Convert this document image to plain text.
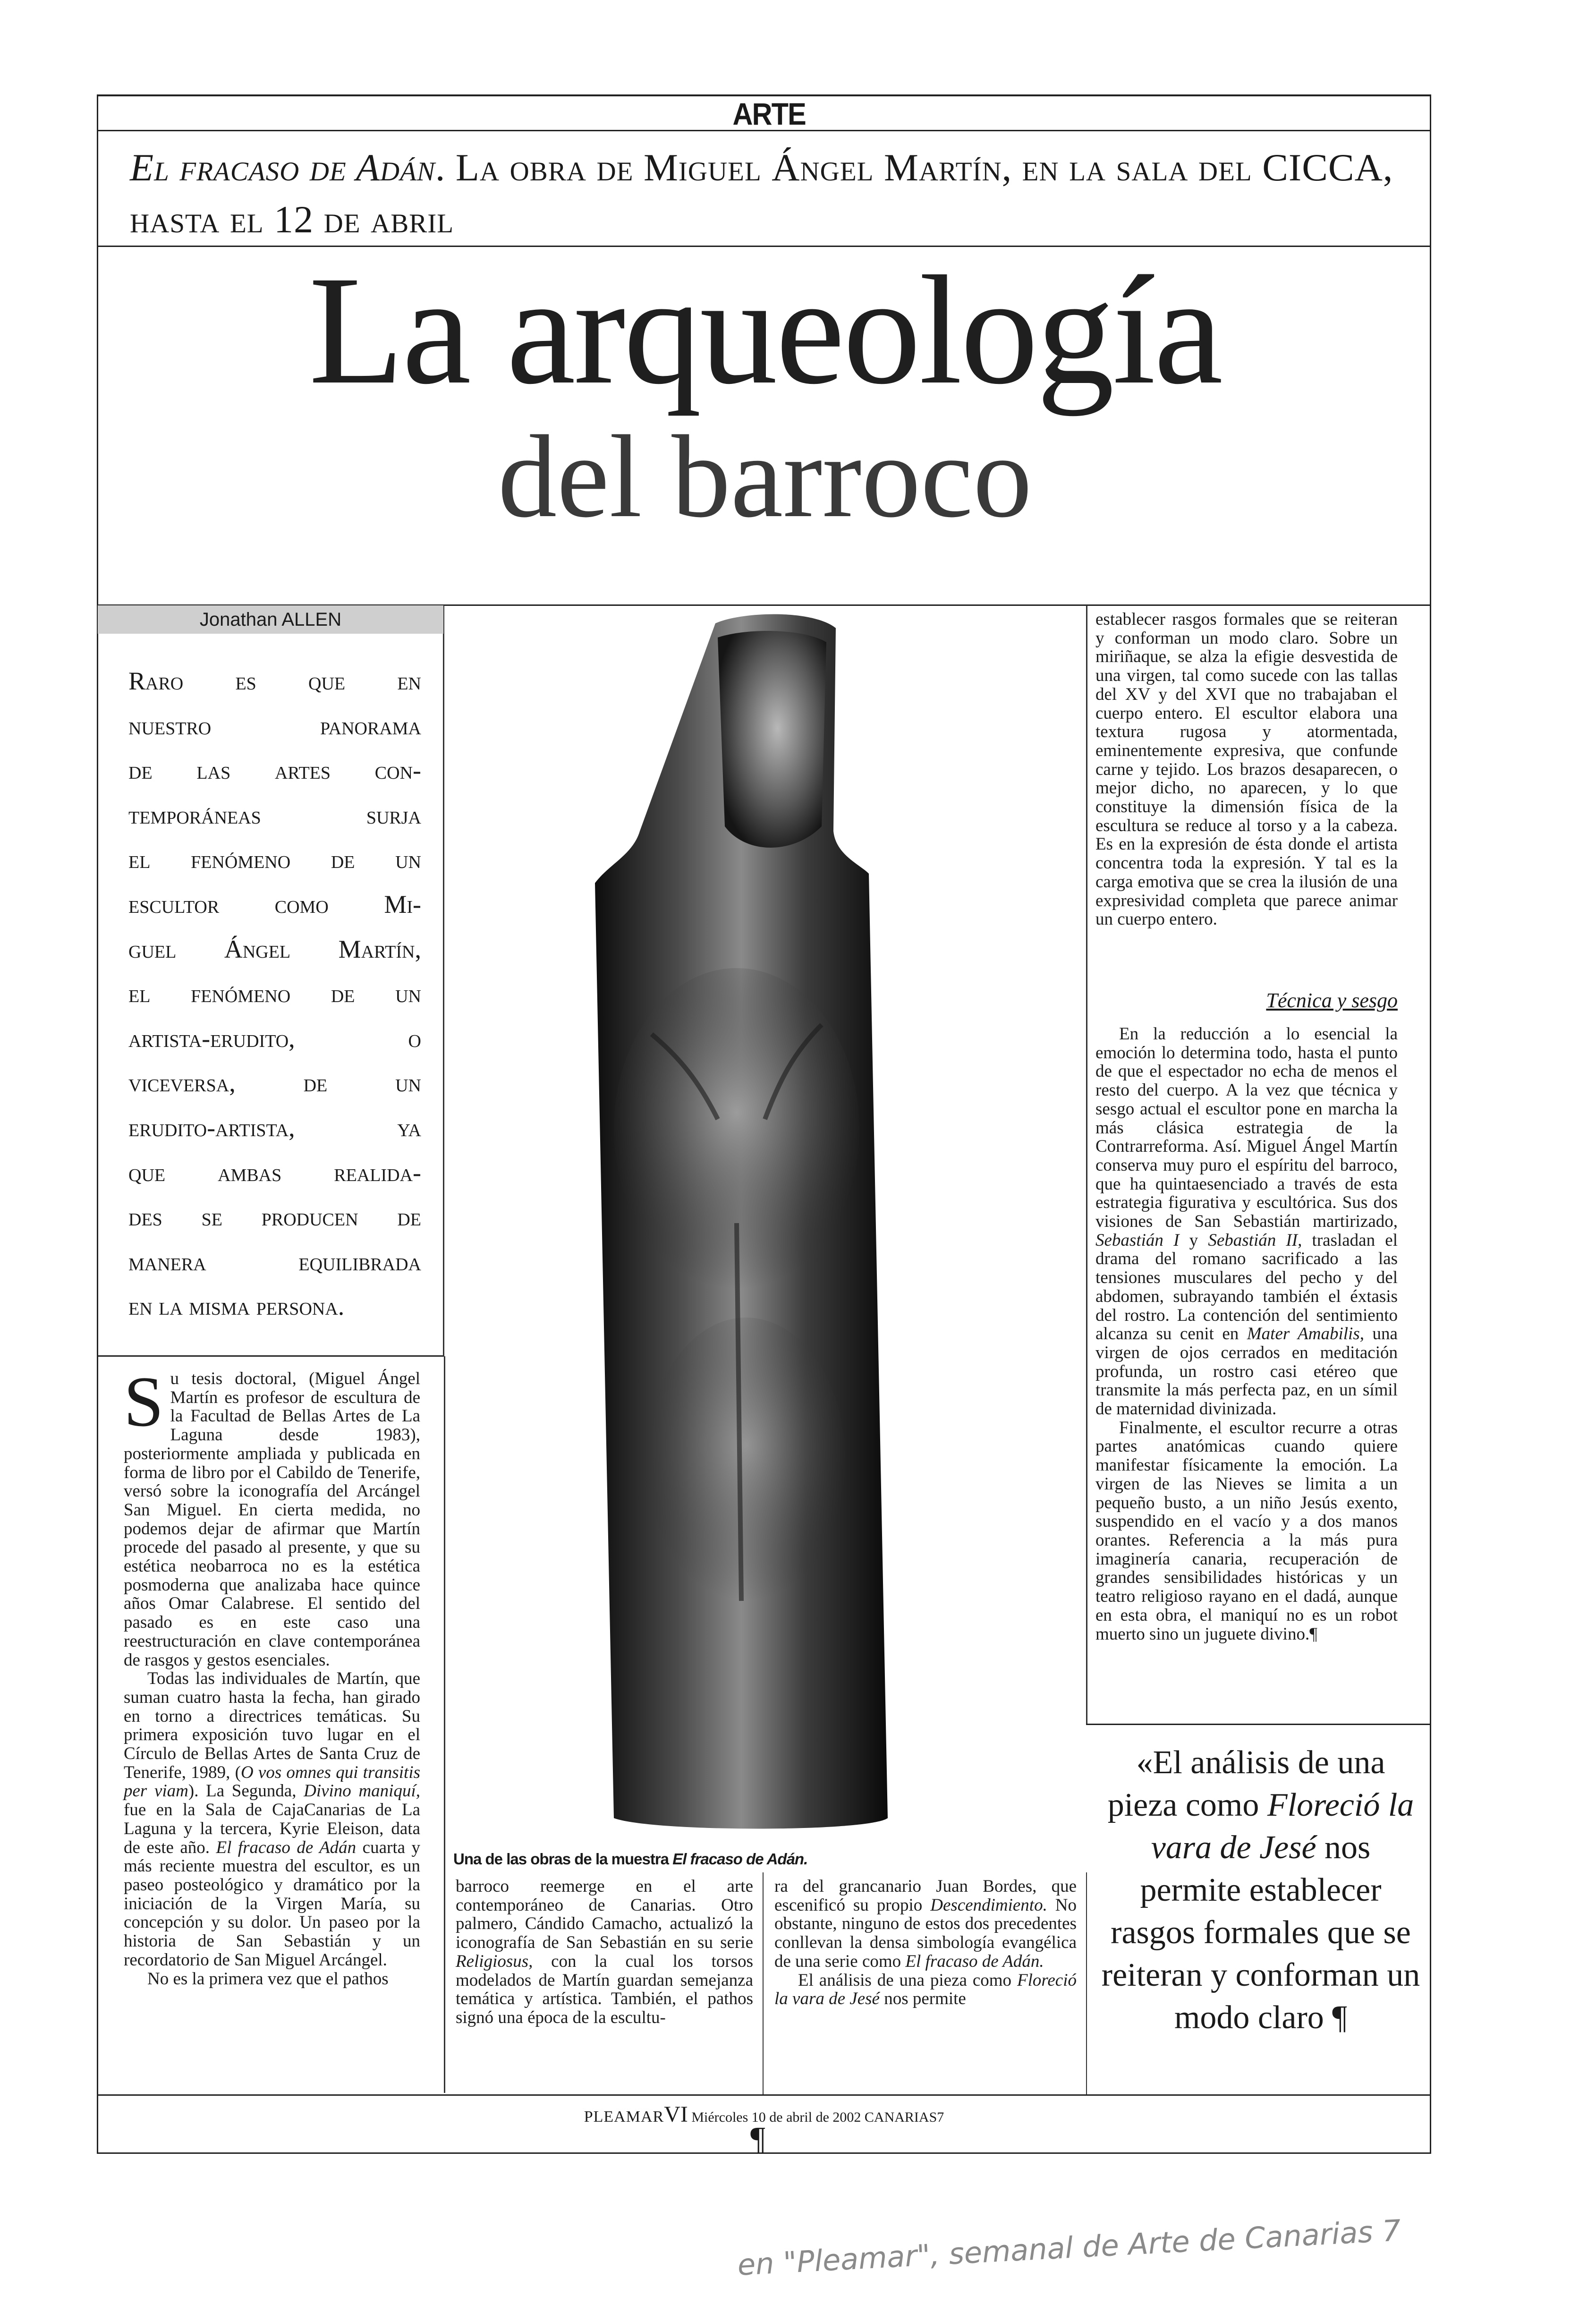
ARTE
El fracaso de Adán. La obra de Miguel Ángel Martín, en la sala del CICCA, hasta el 12 de abril
La arqueología
del barroco
Jonathan ALLEN
Raro es que en
nuestro panorama
de las artes con-
temporáneas surja
el fenómeno de un
escultor como Mi-
guel Ángel Martín,
el fenómeno de un
artista-erudito, o
viceversa, de un
erudito-artista, ya
que ambas realida-
des se producen de
manera equilibrada
en la misma persona.

Su tesis doctoral, (Miguel Ángel Martín es profesor de escultura de la Facultad de Bellas Artes de La Laguna desde 1983), posteriormente ampliada y publicada en forma de libro por el Cabildo de Tenerife, versó sobre la iconografía del Arcángel San Miguel. En cierta medida, no podemos dejar de afirmar que Martín procede del pasado al presente, y que su estética neobarroca no es la estética posmoderna que analizaba hace quince años Omar Calabrese. El sentido del pasado es en este caso una reestructuración en clave contemporánea de rasgos y gestos esenciales.

Todas las individuales de Martín, que suman cuatro hasta la fecha, han girado en torno a directrices temáticas. Su primera exposición tuvo lugar en el Círculo de Bellas Artes de Santa Cruz de Tenerife, 1989, (O vos omnes qui transitis per viam). La Segunda, Divino maniquí, fue en la Sala de CajaCanarias de La Laguna y la tercera, Kyrie Eleison, data de este año. El fracaso de Adán cuarta y más reciente muestra del escultor, es un paseo posteológico y dramático por la iniciación de la Virgen María, su concepción y su dolor. Un paseo por la historia de San Sebastián y un recordatorio de San Miguel Arcángel.

No es la primera vez que el pathos

Una de las obras de la muestra El fracaso de Adán.

barroco reemerge en el arte contemporáneo de Canarias. Otro palmero, Cándido Camacho, actualizó la iconografía de San Sebastián en su serie Religiosus, con la cual los torsos modelados de Martín guardan semejanza temática y artística. También, el pathos signó una época de la escultu-

ra del grancanario Juan Bordes, que escenificó su propio Descendimiento. No obstante, ninguno de estos dos precedentes conllevan la densa simbología evangélica de una serie como El fracaso de Adán.

El análisis de una pieza como Floreció la vara de Jesé nos permite

establecer rasgos formales que se reiteran y conforman un modo claro. Sobre un miriñaque, se alza la efigie desvestida de una virgen, tal como sucede con las tallas del XV y del XVI que no trabajaban el cuerpo entero. El escultor elabora una textura rugosa y atormentada, eminentemente expresiva, que confunde carne y tejido. Los brazos desaparecen, o mejor dicho, no aparecen, y lo que constituye la dimensión física de la escultura se reduce al torso y a la cabeza. Es en la expresión de ésta donde el artista concentra toda la expresión. Y tal es la carga emotiva que se crea la ilusión de una expresividad completa que parece animar un cuerpo entero.

Técnica y sesgo

En la reducción a lo esencial la emoción lo determina todo, hasta el punto de que el espectador no echa de menos el resto del cuerpo. A la vez que técnica y sesgo actual el escultor pone en marcha la más clásica estrategia de la Contrarreforma. Así. Miguel Ángel Martín conserva muy puro el espíritu del barroco, que ha quintaesenciado a través de esta estrategia figurativa y escultórica. Sus dos visiones de San Sebastián martirizado, Sebastián I y Sebastián II, trasladan el drama del romano sacrificado a las tensiones musculares del pecho y del abdomen, subrayando también el éxtasis del rostro. La contención del sentimiento alcanza su cenit en Mater Amabilis, una virgen de ojos cerrados en meditación profunda, un rostro casi etéreo que transmite la más perfecta paz, en un símil de maternidad divinizada.

Finalmente, el escultor recurre a otras partes anatómicas cuando quiere manifestar físicamente la emoción. La virgen de las Nieves se limita a un pequeño busto, a un niño Jesús exento, suspendido en el vacío y a dos manos orantes. Referencia a la más pura imaginería canaria, recuperación de grandes sensibilidades históricas y un teatro religioso rayano en el dadá, aunque en esta obra, el maniquí no es un robot muerto sino un juguete divino.¶

«El análisis de una pieza como Floreció la vara de Jesé nos permite establecer rasgos formales que se reiteran y conforman un modo claro ¶
PLEAMARVI Miércoles 10 de abril de 2002 CANARIAS7
¶
en "Pleamar", semanal de Arte de Canarias 7
